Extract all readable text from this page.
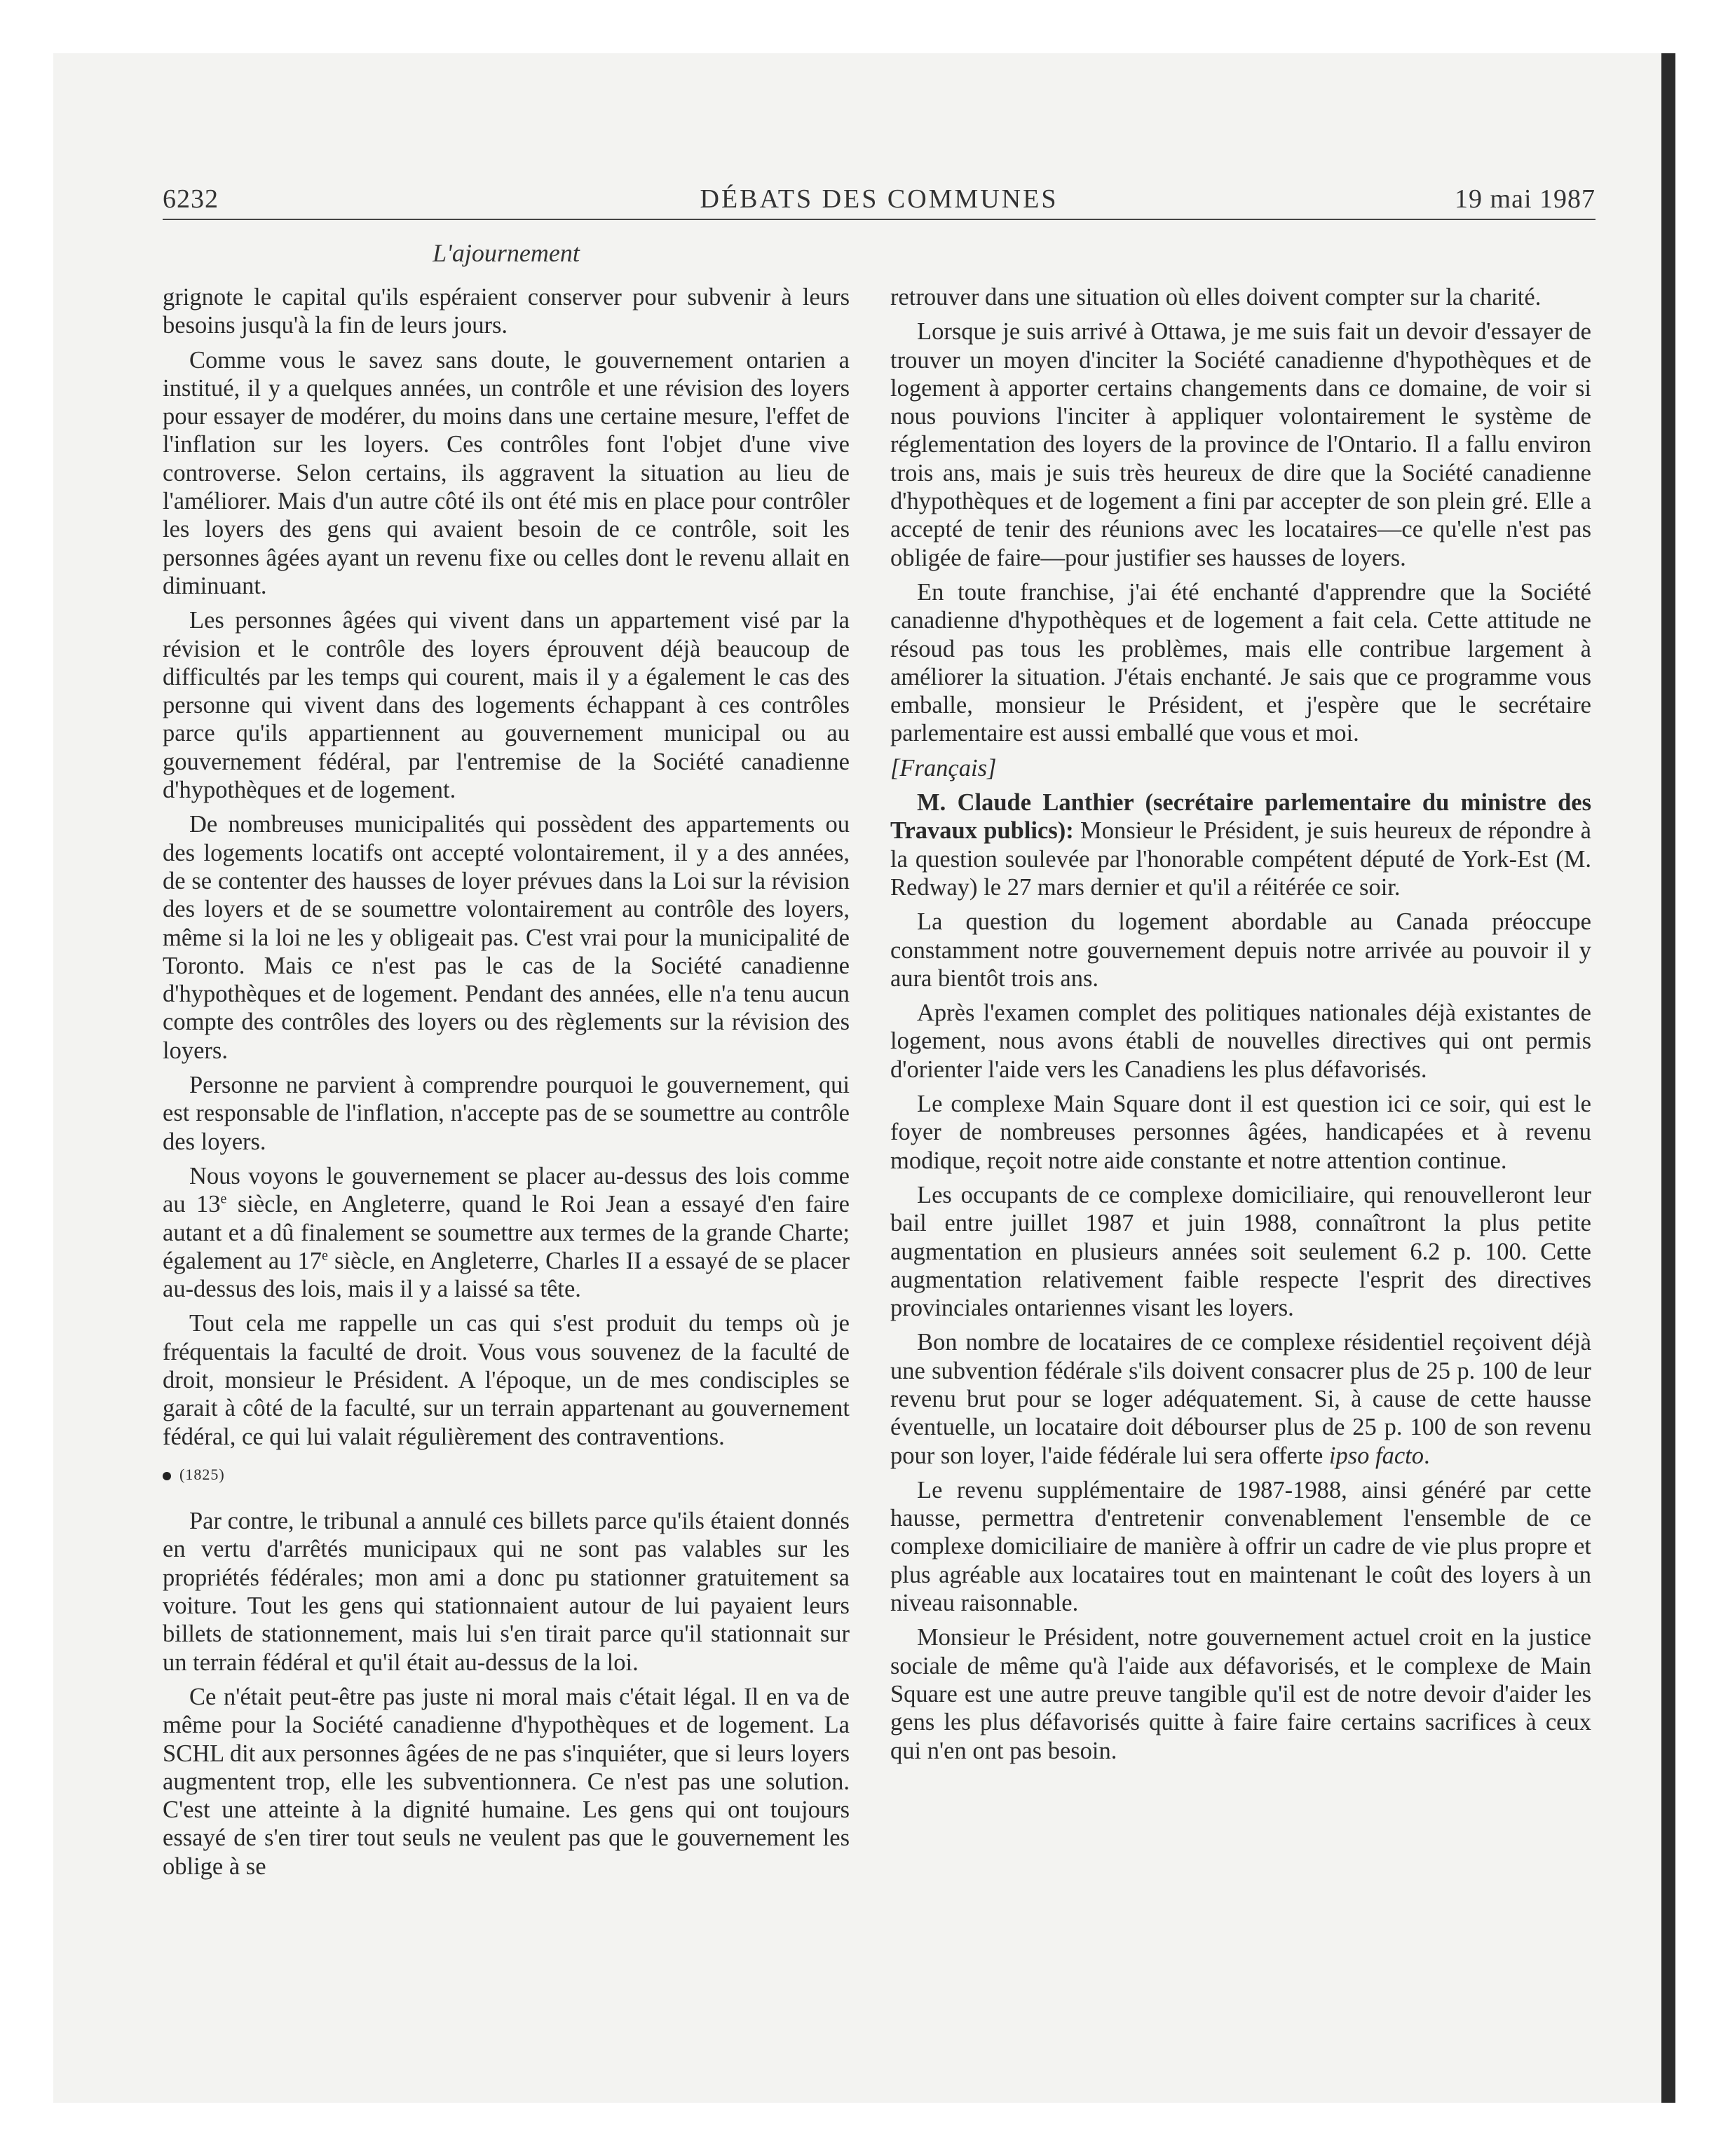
6232	DÉBATS DES COMMUNES	19 mai 1987
L'ajournement

grignote le capital qu'ils espéraient conserver pour subvenir à leurs besoins jusqu'à la fin de leurs jours.

Comme vous le savez sans doute, le gouvernement ontarien a institué, il y a quelques années, un contrôle et une révision des loyers pour essayer de modérer, du moins dans une certaine mesure, l'effet de l'inflation sur les loyers. Ces contrôles font l'objet d'une vive controverse. Selon certains, ils aggravent la situation au lieu de l'améliorer. Mais d'un autre côté ils ont été mis en place pour contrôler les loyers des gens qui avaient besoin de ce contrôle, soit les personnes âgées ayant un revenu fixe ou celles dont le revenu allait en diminuant.

Les personnes âgées qui vivent dans un appartement visé par la révision et le contrôle des loyers éprouvent déjà beaucoup de difficultés par les temps qui courent, mais il y a également le cas des personne qui vivent dans des logements échappant à ces contrôles parce qu'ils appartiennent au gouvernement municipal ou au gouvernement fédéral, par l'entremise de la Société canadienne d'hypothèques et de logement.

De nombreuses municipalités qui possèdent des appartements ou des logements locatifs ont accepté volontairement, il y a des années, de se contenter des hausses de loyer prévues dans la Loi sur la révision des loyers et de se soumettre volontairement au contrôle des loyers, même si la loi ne les y obligeait pas. C'est vrai pour la municipalité de Toronto. Mais ce n'est pas le cas de la Société canadienne d'hypothèques et de logement. Pendant des années, elle n'a tenu aucun compte des contrôles des loyers ou des règlements sur la révision des loyers.

Personne ne parvient à comprendre pourquoi le gouvernement, qui est responsable de l'inflation, n'accepte pas de se soumettre au contrôle des loyers.

Nous voyons le gouvernement se placer au-dessus des lois comme au 13e siècle, en Angleterre, quand le Roi Jean a essayé d'en faire autant et a dû finalement se soumettre aux termes de la grande Charte; également au 17e siècle, en Angleterre, Charles II a essayé de se placer au-dessus des lois, mais il y a laissé sa tête.

Tout cela me rappelle un cas qui s'est produit du temps où je fréquentais la faculté de droit. Vous vous souvenez de la faculté de droit, monsieur le Président. A l'époque, un de mes condisciples se garait à côté de la faculté, sur un terrain appartenant au gouvernement fédéral, ce qui lui valait régulièrement des contraventions.

(1825)

Par contre, le tribunal a annulé ces billets parce qu'ils étaient donnés en vertu d'arrêtés municipaux qui ne sont pas valables sur les propriétés fédérales; mon ami a donc pu stationner gratuitement sa voiture. Tout les gens qui stationnaient autour de lui payaient leurs billets de stationnement, mais lui s'en tirait parce qu'il stationnait sur un terrain fédéral et qu'il était au-dessus de la loi.

Ce n'était peut-être pas juste ni moral mais c'était légal. Il en va de même pour la Société canadienne d'hypothèques et de logement. La SCHL dit aux personnes âgées de ne pas s'inquiéter, que si leurs loyers augmentent trop, elle les subventionnera. Ce n'est pas une solution. C'est une atteinte à la dignité humaine. Les gens qui ont toujours essayé de s'en tirer tout seuls ne veulent pas que le gouvernement les oblige à se

retrouver dans une situation où elles doivent compter sur la charité.

Lorsque je suis arrivé à Ottawa, je me suis fait un devoir d'essayer de trouver un moyen d'inciter la Société canadienne d'hypothèques et de logement à apporter certains changements dans ce domaine, de voir si nous pouvions l'inciter à appliquer volontairement le système de réglementation des loyers de la province de l'Ontario. Il a fallu environ trois ans, mais je suis très heureux de dire que la Société canadienne d'hypothèques et de logement a fini par accepter de son plein gré. Elle a accepté de tenir des réunions avec les locataires—ce qu'elle n'est pas obligée de faire—pour justifier ses hausses de loyers.

En toute franchise, j'ai été enchanté d'apprendre que la Société canadienne d'hypothèques et de logement a fait cela. Cette attitude ne résoud pas tous les problèmes, mais elle contribue largement à améliorer la situation. J'étais enchanté. Je sais que ce programme vous emballe, monsieur le Président, et j'espère que le secrétaire parlementaire est aussi emballé que vous et moi.

[Français]

M. Claude Lanthier (secrétaire parlementaire du ministre des Travaux publics): Monsieur le Président, je suis heureux de répondre à la question soulevée par l'honorable compétent député de York-Est (M. Redway) le 27 mars dernier et qu'il a réitérée ce soir.

La question du logement abordable au Canada préoccupe constamment notre gouvernement depuis notre arrivée au pouvoir il y aura bientôt trois ans.

Après l'examen complet des politiques nationales déjà existantes de logement, nous avons établi de nouvelles directives qui ont permis d'orienter l'aide vers les Canadiens les plus défavorisés.

Le complexe Main Square dont il est question ici ce soir, qui est le foyer de nombreuses personnes âgées, handicapées et à revenu modique, reçoit notre aide constante et notre attention continue.

Les occupants de ce complexe domiciliaire, qui renouvelleront leur bail entre juillet 1987 et juin 1988, connaîtront la plus petite augmentation en plusieurs années soit seulement 6.2 p. 100. Cette augmentation relativement faible respecte l'esprit des directives provinciales ontariennes visant les loyers.

Bon nombre de locataires de ce complexe résidentiel reçoivent déjà une subvention fédérale s'ils doivent consacrer plus de 25 p. 100 de leur revenu brut pour se loger adéquatement. Si, à cause de cette hausse éventuelle, un locataire doit débourser plus de 25 p. 100 de son revenu pour son loyer, l'aide fédérale lui sera offerte ipso facto.

Le revenu supplémentaire de 1987-1988, ainsi généré par cette hausse, permettra d'entretenir convenablement l'ensemble de ce complexe domiciliaire de manière à offrir un cadre de vie plus propre et plus agréable aux locataires tout en maintenant le coût des loyers à un niveau raisonnable.

Monsieur le Président, notre gouvernement actuel croit en la justice sociale de même qu'à l'aide aux défavorisés, et le complexe de Main Square est une autre preuve tangible qu'il est de notre devoir d'aider les gens les plus défavorisés quitte à faire faire certains sacrifices à ceux qui n'en ont pas besoin.
